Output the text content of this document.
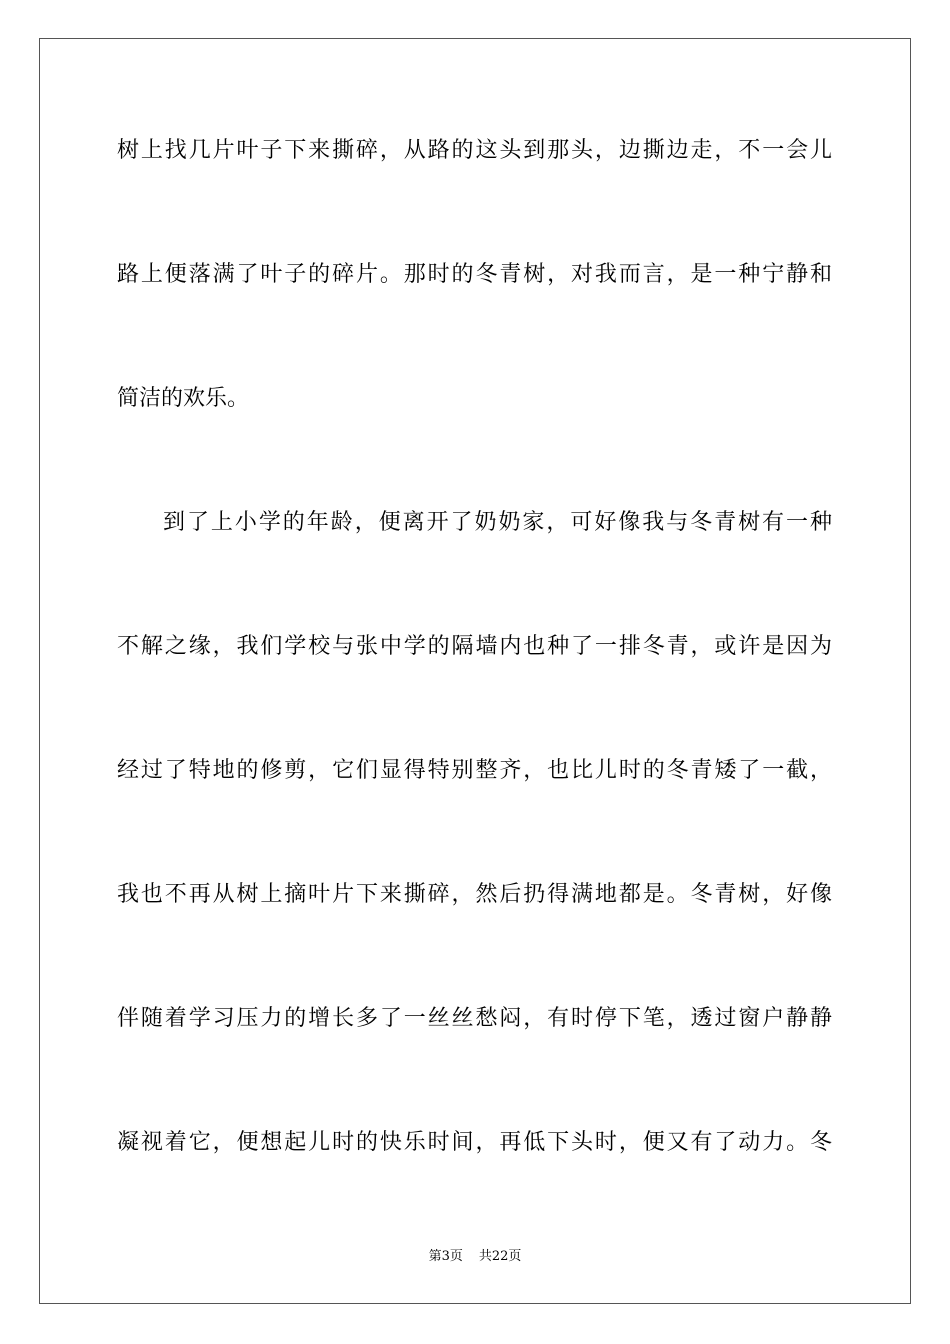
树上找几片叶子下来撕碎，从路的这头到那头，边撕边走，不一会儿
路上便落满了叶子的碎片。那时的冬青树，对我而言，是一种宁静和
简洁的欢乐。
到了上小学的年龄，便离开了奶奶家，可好像我与冬青树有一种
不解之缘，我们学校与张中学的隔墙内也种了一排冬青，或许是因为
经过了特地的修剪，它们显得特别整齐，也比儿时的冬青矮了一截，
我也不再从树上摘叶片下来撕碎，然后扔得满地都是。冬青树，好像
伴随着学习压力的增长多了一丝丝愁闷，有时停下笔，透过窗户静静
凝视着它，便想起儿时的快乐时间，再低下头时，便又有了动力。冬
第3页 共22页
